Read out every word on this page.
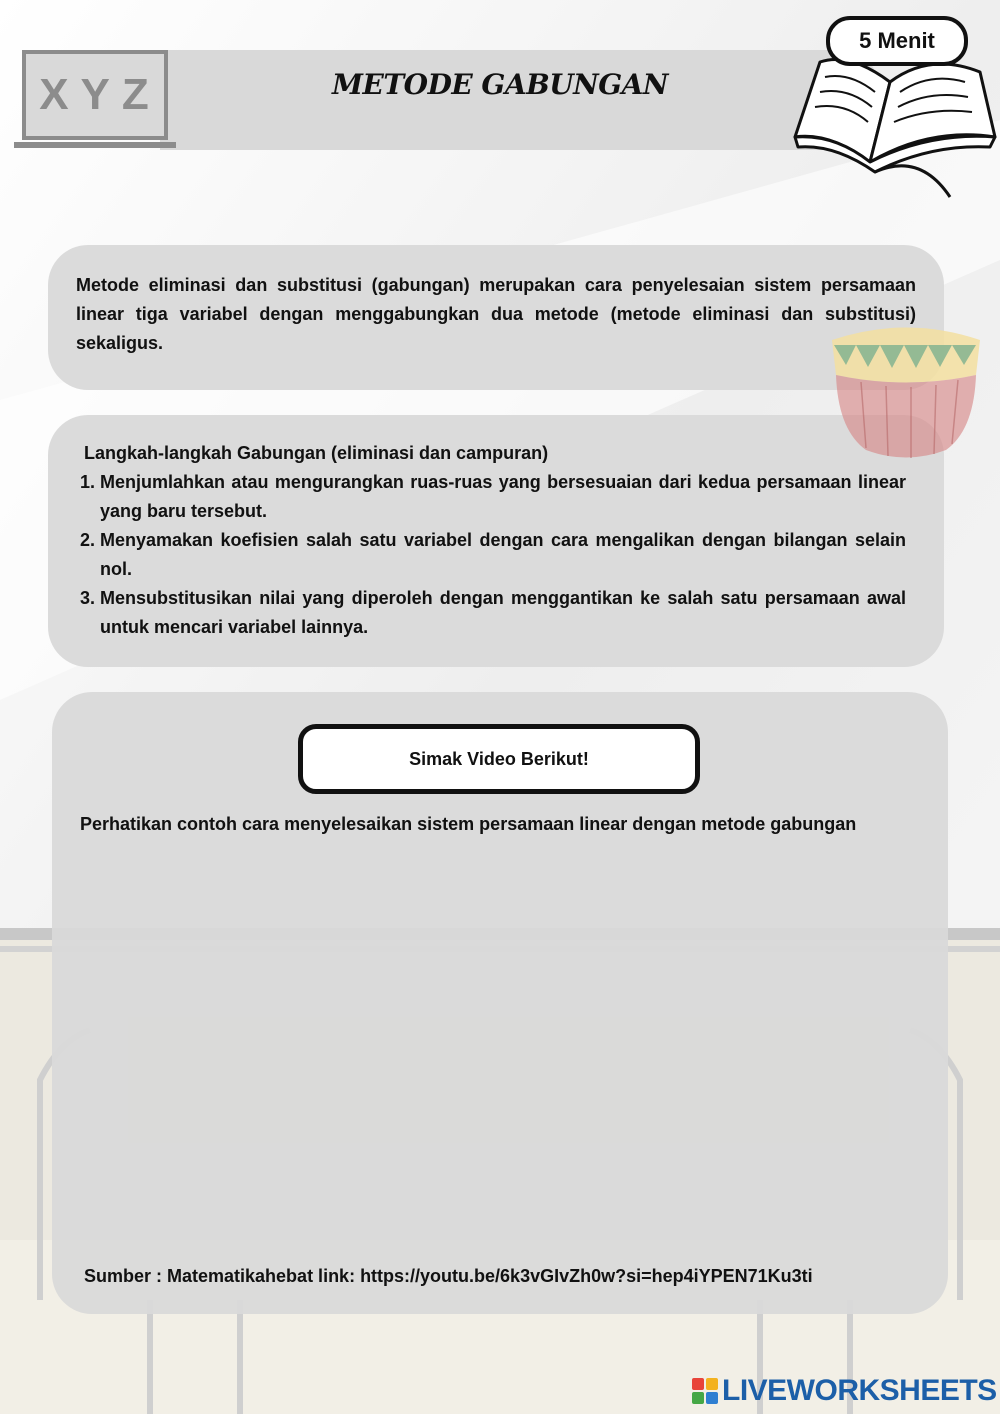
XYZ	METODE GABUNGAN
5 Menit

Metode eliminasi dan substitusi (gabungan) merupakan cara penyelesaian sistem persamaan linear tiga variabel dengan menggabungkan dua metode (metode eliminasi dan substitusi) sekaligus.

Langkah-langkah Gabungan (eliminasi dan campuran)

1. Menjumlahkan atau mengurangkan ruas-ruas yang bersesuaian dari kedua persamaan linear yang baru tersebut.
2. Menyamakan koefisien salah satu variabel dengan cara mengalikan dengan bilangan selain nol.
3. Mensubstitusikan nilai yang diperoleh dengan menggantikan ke salah satu persamaan awal untuk mencari variabel lainnya.
Simak Video Berikut!
Perhatikan contoh cara menyelesaikan sistem persamaan linear dengan metode gabungan
Sumber : Matematikahebat link: https://youtu.be/6k3vGIvZh0w?si=hep4iYPEN71Ku3ti
LIVEWORKSHEETS
